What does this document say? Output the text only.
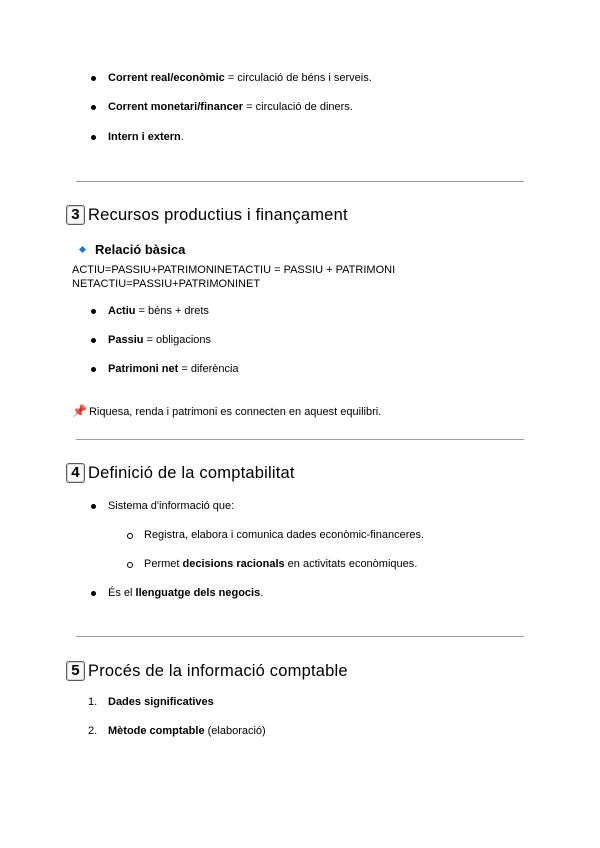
Corrent real/econòmic = circulació de béns i serveis.
Corrent monetari/financer = circulació de diners.
Intern i extern.
3 Recursos productius i finançament
Relació bàsica
ACTIU=PASSIU+PATRIMONINETACTIU = PASSIU + PATRIMONI
NETACTIU=PASSIU+PATRIMONINET
Actiu = béns + drets
Passiu = obligacions
Patrimoni net = diferència
📌 Riquesa, renda i patrimoni es connecten en aquest equilibri.
4 Definició de la comptabilitat
Sistema d'informació que:
Registra, elabora i comunica dades econòmic-financeres.
Permet decisions racionals en activitats econòmiques.
És el llenguatge dels negocis.
5 Procés de la informació comptable
1. Dades significatives
2. Mètode comptable (elaboració)
